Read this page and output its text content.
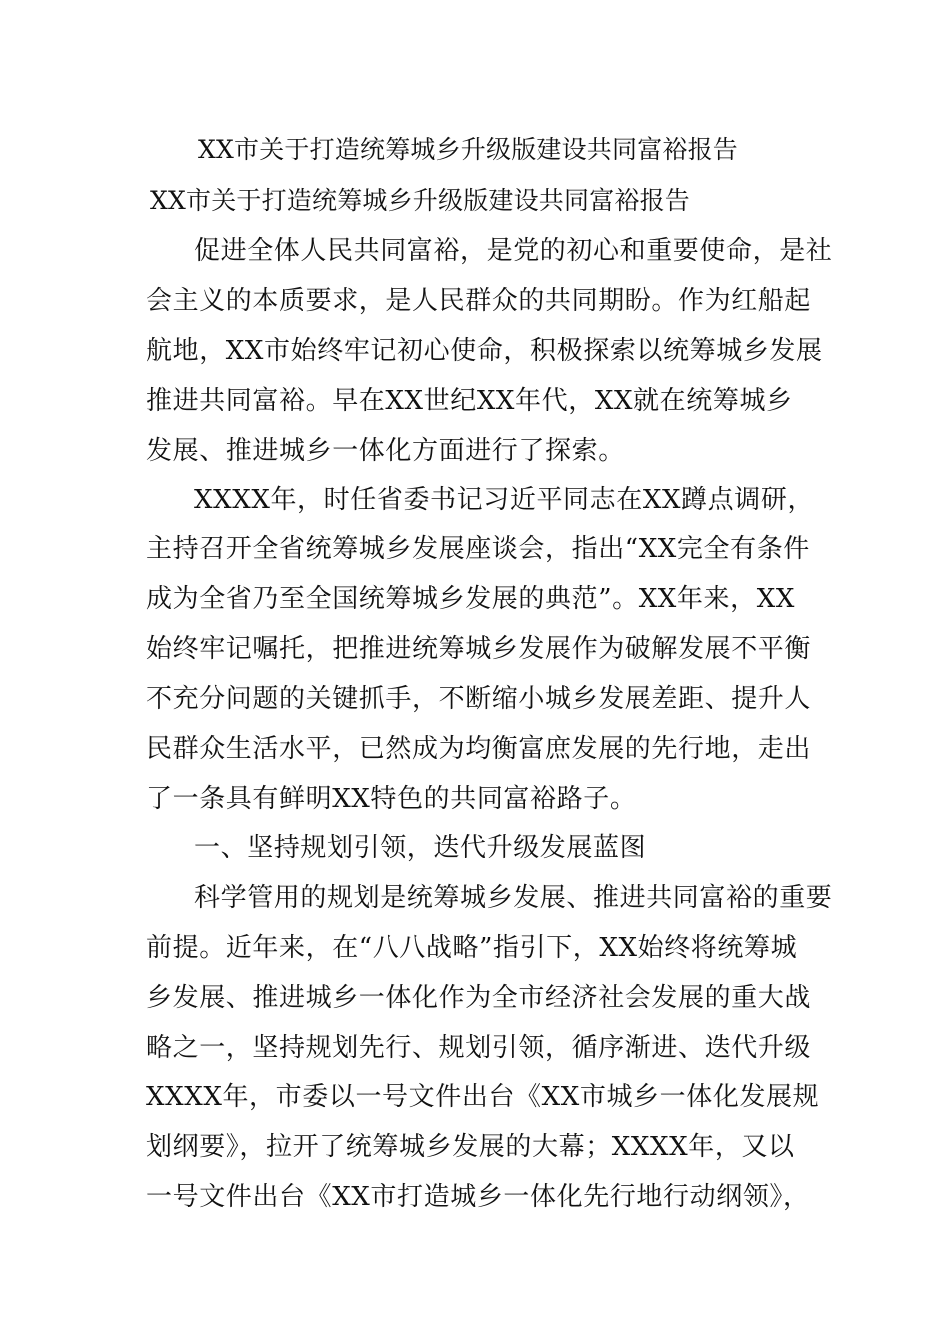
XX市关于打造统筹城乡升级版建设共同富裕报告
XX市关于打造统筹城乡升级版建设共同富裕报告
促进全体人民共同富裕，是党的初心和重要使命，是社
会主义的本质要求，是人民群众的共同期盼。作为红船起
航地，XX市始终牢记初心使命，积极探索以统筹城乡发展
推进共同富裕。早在XX世纪XX年代，XX就在统筹城乡
发展、推进城乡一体化方面进行了探索。
XXXX年，时任省委书记习近平同志在XX蹲点调研，
主持召开全省统筹城乡发展座谈会，指出“XX完全有条件
成为全省乃至全国统筹城乡发展的典范”。XX年来，XX
始终牢记嘱托，把推进统筹城乡发展作为破解发展不平衡
不充分问题的关键抓手，不断缩小城乡发展差距、提升人
民群众生活水平，已然成为均衡富庶发展的先行地，走出
了一条具有鲜明XX特色的共同富裕路子。
一、坚持规划引领，迭代升级发展蓝图
科学管用的规划是统筹城乡发展、推进共同富裕的重要
前提。近年来，在“八八战略”指引下，XX始终将统筹城
乡发展、推进城乡一体化作为全市经济社会发展的重大战
略之一，坚持规划先行、规划引领，循序渐进、迭代升级
XXXX年，市委以一号文件出台《XX市城乡一体化发展规
划纲要》，拉开了统筹城乡发展的大幕；XXXX年，又以
一号文件出台《XX市打造城乡一体化先行地行动纲领》，
